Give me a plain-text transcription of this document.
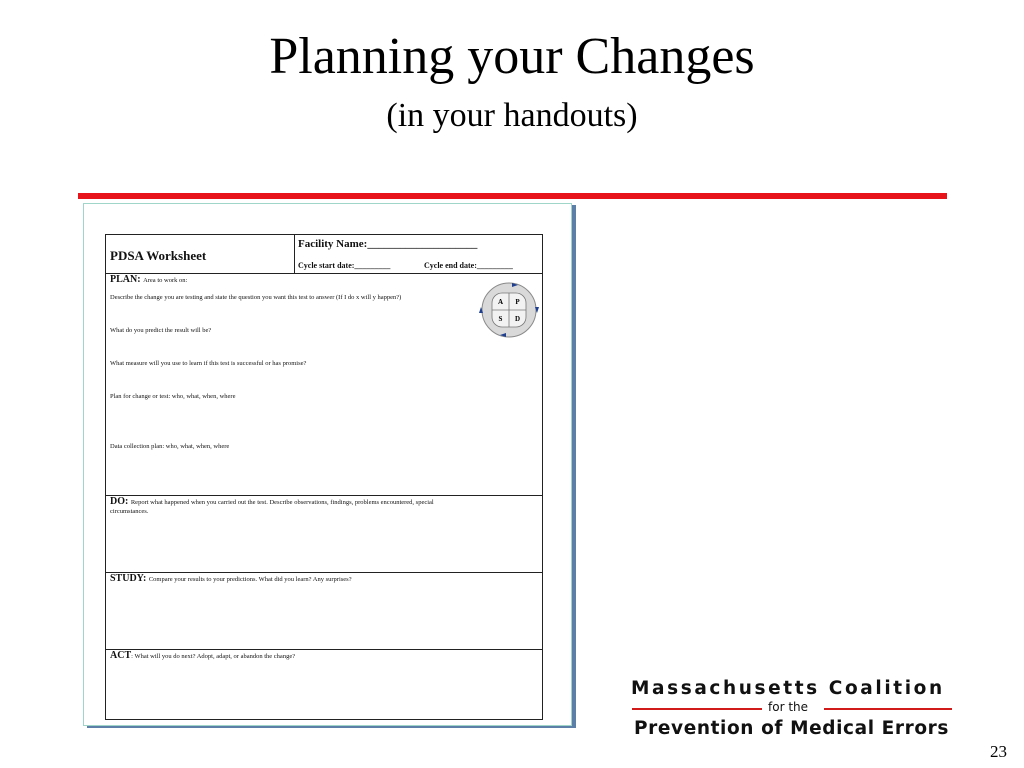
Planning your Changes
(in your handouts)
PDSA Worksheet
Facility Name:____________________
Cycle start date:_________	Cycle end date:_________
PLAN: Area to work on:
Describe the change you are testing and state the question you want this test to answer (If I do x will y happen?)
What do you predict the result will be?
What measure will you use to learn if this test is successful or has promise?
Plan for change or test: who, what, when, where
Data collection plan: who, what, when, where
A P
S D
DO: Report what happened when you carried out the test. Describe observations, findings, problems encountered, special
circumstances.
STUDY: Compare your results to your predictions. What did you learn? Any surprises?
ACT: What will you do next? Adopt, adapt, or abandon the change?
Massachusetts Coalition
for the
Prevention of Medical Errors
23
